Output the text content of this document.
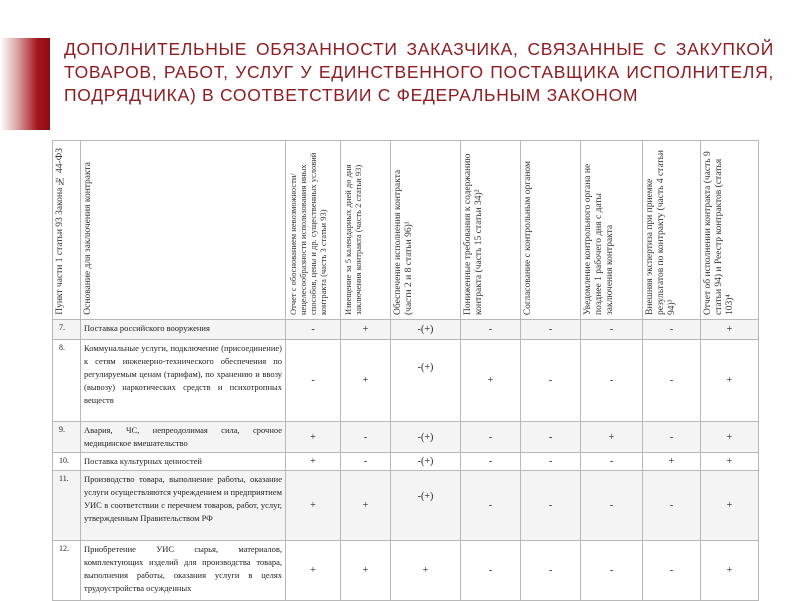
ДОПОЛНИТЕЛЬНЫЕ ОБЯЗАННОСТИ ЗАКАЗЧИКА, СВЯЗАННЫЕ С ЗАКУПКОЙ ТОВАРОВ, РАБОТ, УСЛУГ У ЕДИНСТВЕННОГО ПОСТАВЩИКА ИСПОЛНИТЕЛЯ, ПОДРЯДЧИКА) В СООТВЕТСТВИИ С ФЕДЕРАЛЬНЫМ ЗАКОНОМ
Пункт части 1 статьи 93 Закона № 44-ФЗ	Основание для заключения контракта	Отчет с обоснованием невозможности/ нецелесообразности использования иных способов, цены и др. существенных условий контракта (часть 3 статьи 93)	Извещение за 5 календарных дней до дня заключения контракта (часть 2 статьи 93)	Обеспечение исполнения контракта (части 2 и 8 статьи 96)¹	Пониженные требования к содержанию контракта (часть 15 статьи 34)²	Согласование с контрольным органом	Уведомление контрольного органа не позднее 1 рабочего дня с даты заключения контракта	Внешняя экспертиза при приемке результатов по контракту (часть 4 статьи 94)³	Отчет об исполнении контракта (часть 9 статьи 94) и Реестр контрактов (статья 103)⁴

7.	Поставка российского вооружения	-	+	-(+)	-	-	-	-	+
8.	Коммунальные услуги, подключение (присоединение) к сетям инженерно-технического обеспечения по регулируемым ценам (тарифам), по хранению и ввозу (вывозу) наркотических средств и психотропных веществ	-	+	-(+)	+	-	-	-	+
9.	Авария, ЧС, непреодолимая сила, срочное медицинское вмешательство	+	-	-(+)	-	-	+	-	+
10.	Поставка культурных ценностей	+	-	-(+)	-	-	-	+	+
11.	Производство товара, выполнение работы, оказание услуги осуществляются учреждением и предприятием УИС в соответствии с перечнем товаров, работ, услуг, утвержденным Правительством РФ	+	+	-(+)	-	-	-	-	+
12.	Приобретение УИС сырья, материалов, комплектующих изделий для производства товара, выполнения работы, оказания услуги в целях трудоустройства осужденных	+	+	+	-	-	-	-	+
